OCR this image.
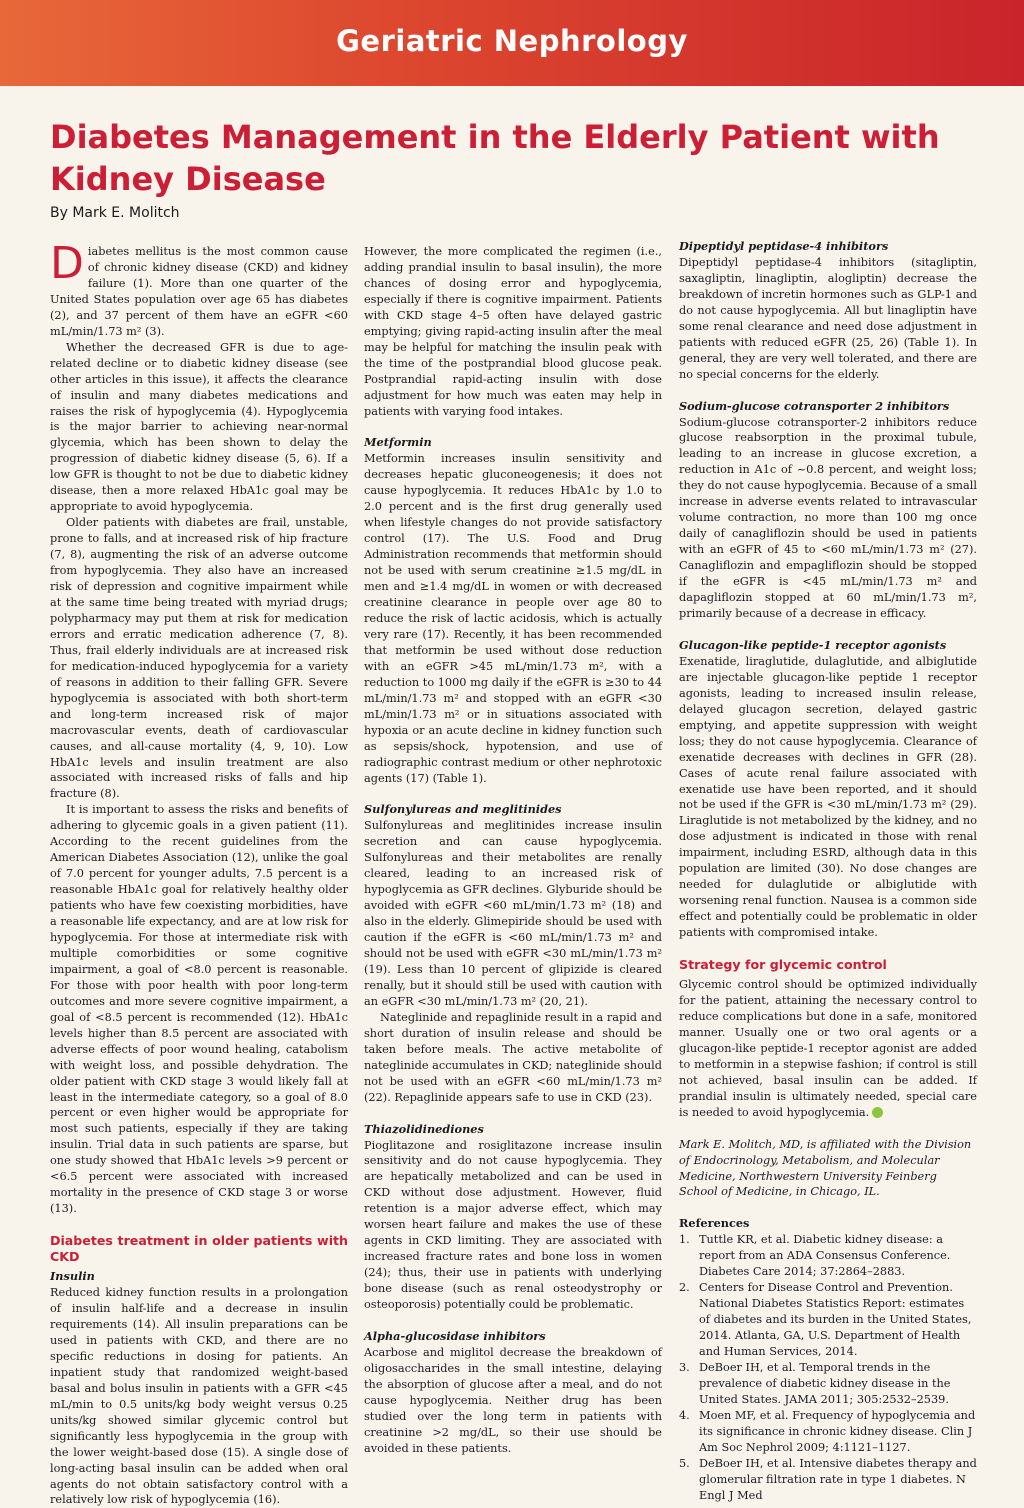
Geriatric Nephrology
Diabetes Management in the Elderly Patient with Kidney Disease
By Mark E. Molitch

Diabetes mellitus is the most common cause of chronic kidney disease (CKD) and kidney failure (1). More than one quarter of the United States population over age 65 has diabetes (2), and 37 percent of them have an eGFR <60 mL/min/1.73 m² (3).

Whether the decreased GFR is due to age-related decline or to diabetic kidney disease (see other articles in this issue), it affects the clearance of insulin and many diabetes medications and raises the risk of hypoglycemia (4). Hypoglycemia is the major barrier to achieving near-normal glycemia, which has been shown to delay the progression of diabetic kidney disease (5, 6). If a low GFR is thought to not be due to diabetic kidney disease, then a more relaxed HbA1c goal may be appropriate to avoid hypoglycemia.

Older patients with diabetes are frail, unstable, prone to falls, and at increased risk of hip fracture (7, 8), augmenting the risk of an adverse outcome from hypoglycemia. They also have an increased risk of depression and cognitive impairment while at the same time being treated with myriad drugs; polypharmacy may put them at risk for medication errors and erratic medication adherence (7, 8). Thus, frail elderly individuals are at increased risk for medication-induced hypoglycemia for a variety of reasons in addition to their falling GFR. Severe hypoglycemia is associated with both short-term and long-term increased risk of major macrovascular events, death of cardiovascular causes, and all-cause mortality (4, 9, 10). Low HbA1c levels and insulin treatment are also associated with increased risks of falls and hip fracture (8).

It is important to assess the risks and benefits of adhering to glycemic goals in a given patient (11). According to the recent guidelines from the American Diabetes Association (12), unlike the goal of 7.0 percent for younger adults, 7.5 percent is a reasonable HbA1c goal for relatively healthy older patients who have few coexisting morbidities, have a reasonable life expectancy, and are at low risk for hypoglycemia. For those at intermediate risk with multiple comorbidities or some cognitive impairment, a goal of <8.0 percent is reasonable. For those with poor health with poor long-term outcomes and more severe cognitive impairment, a goal of <8.5 percent is recommended (12). HbA1c levels higher than 8.5 percent are associated with adverse effects of poor wound healing, catabolism with weight loss, and possible dehydration. The older patient with CKD stage 3 would likely fall at least in the intermediate category, so a goal of 8.0 percent or even higher would be appropriate for most such patients, especially if they are taking insulin. Trial data in such patients are sparse, but one study showed that HbA1c levels >9 percent or <6.5 percent were associated with increased mortality in the presence of CKD stage 3 or worse (13).

Diabetes treatment in older patients with CKD

Insulin

Reduced kidney function results in a prolongation of insulin half-life and a decrease in insulin requirements (14). All insulin preparations can be used in patients with CKD, and there are no specific reductions in dosing for patients. An inpatient study that randomized weight-based basal and bolus insulin in patients with a GFR <45 mL/min to 0.5 units/kg body weight versus 0.25 units/kg showed similar glycemic control but significantly less hypoglycemia in the group with the lower weight-based dose (15). A single dose of long-acting basal insulin can be added when oral agents do not obtain satisfactory control with a relatively low risk of hypoglycemia (16).

However, the more complicated the regimen (i.e., adding prandial insulin to basal insulin), the more chances of dosing error and hypoglycemia, especially if there is cognitive impairment. Patients with CKD stage 4–5 often have delayed gastric emptying; giving rapid-acting insulin after the meal may be helpful for matching the insulin peak with the time of the postprandial blood glucose peak. Postprandial rapid-acting insulin with dose adjustment for how much was eaten may help in patients with varying food intakes.

Metformin

Metformin increases insulin sensitivity and decreases hepatic gluconeogenesis; it does not cause hypoglycemia. It reduces HbA1c by 1.0 to 2.0 percent and is the first drug generally used when lifestyle changes do not provide satisfactory control (17). The U.S. Food and Drug Administration recommends that metformin should not be used with serum creatinine ≥1.5 mg/dL in men and ≥1.4 mg/dL in women or with decreased creatinine clearance in people over age 80 to reduce the risk of lactic acidosis, which is actually very rare (17). Recently, it has been recommended that metformin be used without dose reduction with an eGFR >45 mL/min/1.73 m², with a reduction to 1000 mg daily if the eGFR is ≥30 to 44 mL/min/1.73 m² and stopped with an eGFR <30 mL/min/1.73 m² or in situations associated with hypoxia or an acute decline in kidney function such as sepsis/shock, hypotension, and use of radiographic contrast medium or other nephrotoxic agents (17) (Table 1).

Sulfonylureas and meglitinides

Sulfonylureas and meglitinides increase insulin secretion and can cause hypoglycemia. Sulfonylureas and their metabolites are renally cleared, leading to an increased risk of hypoglycemia as GFR declines. Glyburide should be avoided with eGFR <60 mL/min/1.73 m² (18) and also in the elderly. Glimepiride should be used with caution if the eGFR is <60 mL/min/1.73 m² and should not be used with eGFR <30 mL/min/1.73 m² (19). Less than 10 percent of glipizide is cleared renally, but it should still be used with caution with an eGFR <30 mL/min/1.73 m² (20, 21).

Nateglinide and repaglinide result in a rapid and short duration of insulin release and should be taken before meals. The active metabolite of nateglinide accumulates in CKD; nateglinide should not be used with an eGFR <60 mL/min/1.73 m² (22). Repaglinide appears safe to use in CKD (23).

Thiazolidinediones

Pioglitazone and rosiglitazone increase insulin sensitivity and do not cause hypoglycemia. They are hepatically metabolized and can be used in CKD without dose adjustment. However, fluid retention is a major adverse effect, which may worsen heart failure and makes the use of these agents in CKD limiting. They are associated with increased fracture rates and bone loss in women (24); thus, their use in patients with underlying bone disease (such as renal osteodystrophy or osteoporosis) potentially could be problematic.

Alpha-glucosidase inhibitors

Acarbose and miglitol decrease the breakdown of oligosaccharides in the small intestine, delaying the absorption of glucose after a meal, and do not cause hypoglycemia. Neither drug has been studied over the long term in patients with creatinine >2 mg/dL, so their use should be avoided in these patients.

Dipeptidyl peptidase-4 inhibitors

Dipeptidyl peptidase-4 inhibitors (sitagliptin, saxagliptin, linagliptin, alogliptin) decrease the breakdown of incretin hormones such as GLP-1 and do not cause hypoglycemia. All but linagliptin have some renal clearance and need dose adjustment in patients with reduced eGFR (25, 26) (Table 1). In general, they are very well tolerated, and there are no special concerns for the elderly.

Sodium-glucose cotransporter 2 inhibitors

Sodium-glucose cotransporter-2 inhibitors reduce glucose reabsorption in the proximal tubule, leading to an increase in glucose excretion, a reduction in A1c of ~0.8 percent, and weight loss; they do not cause hypoglycemia. Because of a small increase in adverse events related to intravascular volume contraction, no more than 100 mg once daily of canagliflozin should be used in patients with an eGFR of 45 to <60 mL/min/1.73 m² (27). Canagliflozin and empagliflozin should be stopped if the eGFR is <45 mL/min/1.73 m² and dapagliflozin stopped at 60 mL/min/1.73 m², primarily because of a decrease in efficacy.

Glucagon-like peptide-1 receptor agonists

Exenatide, liraglutide, dulaglutide, and albiglutide are injectable glucagon-like peptide 1 receptor agonists, leading to increased insulin release, delayed glucagon secretion, delayed gastric emptying, and appetite suppression with weight loss; they do not cause hypoglycemia. Clearance of exenatide decreases with declines in GFR (28). Cases of acute renal failure associated with exenatide use have been reported, and it should not be used if the GFR is <30 mL/min/1.73 m² (29). Liraglutide is not metabolized by the kidney, and no dose adjustment is indicated in those with renal impairment, including ESRD, although data in this population are limited (30). No dose changes are needed for dulaglutide or albiglutide with worsening renal function. Nausea is a common side effect and potentially could be problematic in older patients with compromised intake.

Strategy for glycemic control

Glycemic control should be optimized individually for the patient, attaining the necessary control to reduce complications but done in a safe, monitored manner. Usually one or two oral agents or a glucagon-like peptide-1 receptor agonist are added to metformin in a stepwise fashion; if control is still not achieved, basal insulin can be added. If prandial insulin is ultimately needed, special care is needed to avoid hypoglycemia.

Mark E. Molitch, MD, is affiliated with the Division of Endocrinology, Metabolism, and Molecular Medicine, Northwestern University Feinberg School of Medicine, in Chicago, IL.

References

1. Tuttle KR, et al. Diabetic kidney disease: a report from an ADA Consensus Conference. Diabetes Care 2014; 37:2864–2883.
2. Centers for Disease Control and Prevention. National Diabetes Statistics Report: estimates of diabetes and its burden in the United States, 2014. Atlanta, GA, U.S. Department of Health and Human Services, 2014.
3. DeBoer IH, et al. Temporal trends in the prevalence of diabetic kidney disease in the United States. JAMA 2011; 305:2532–2539.
4. Moen MF, et al. Frequency of hypoglycemia and its significance in chronic kidney disease. Clin J Am Soc Nephrol 2009; 4:1121–1127.
5. DeBoer IH, et al. Intensive diabetes therapy and glomerular filtration rate in type 1 diabetes. N Engl J Med
